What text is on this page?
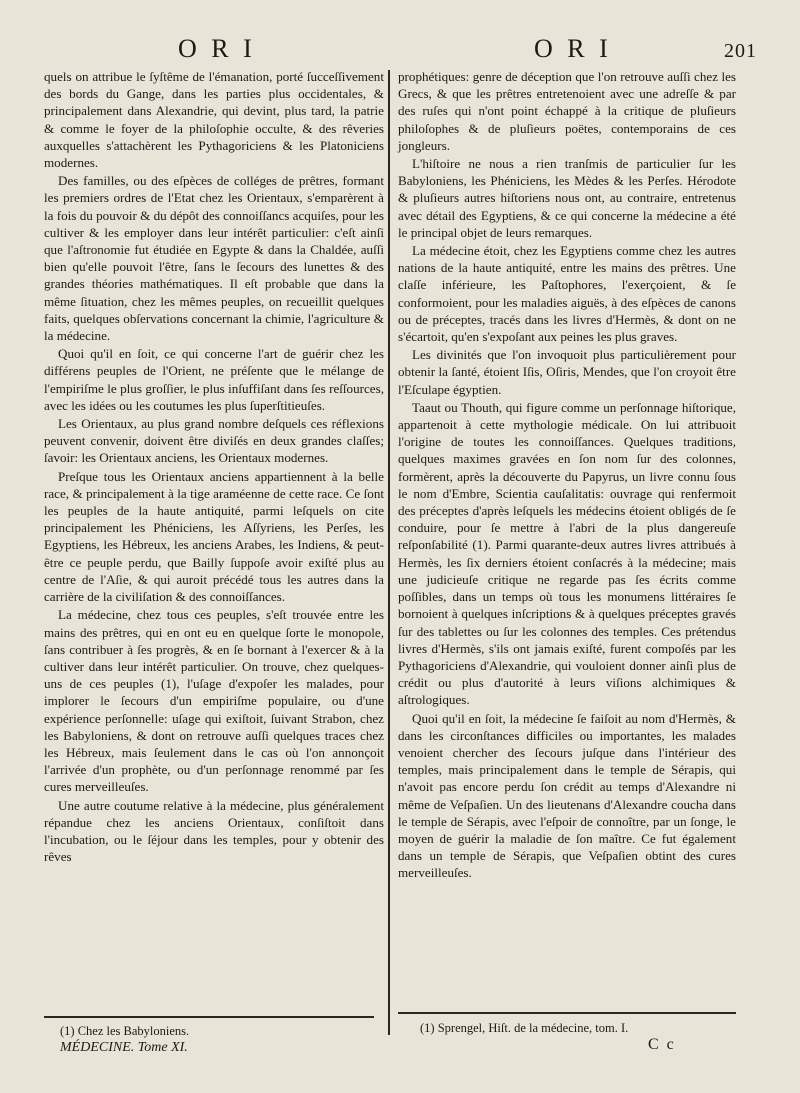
O R I	O R I	201

quels on attribue le ſyſtême de l'émanation, porté ſucceſſivement des bords du Gange, dans les parties plus occidentales, & principalement dans Alexandrie, qui devint, plus tard, la patrie & comme le foyer de la philoſophie occulte, & des rêveries auxquelles s'attachèrent les Pythagoriciens & les Platoniciens modernes.

Des familles, ou des eſpèces de colléges de prêtres, formant les premiers ordres de l'Etat chez les Orientaux, s'emparèrent à la fois du pouvoir & du dépôt des connoiſſancs acquiſes, pour les cultiver & les employer dans leur intérêt particulier: c'eſt ainſi que l'aſtronomie fut étudiée en Egypte & dans la Chaldée, auſſi bien qu'elle pouvoit l'être, ſans le ſecours des lunettes & des grandes théories mathématiques. Il eſt probable que dans la même ſituation, chez les mêmes peuples, on recueillit quelques faits, quelques obſervations concernant la chimie, l'agriculture & la médecine.

Quoi qu'il en ſoit, ce qui concerne l'art de guérir chez les différens peuples de l'Orient, ne préſente que le mélange de l'empiriſme le plus groſſier, le plus inſuffiſant dans ſes reſſources, avec les idées ou les coutumes les plus ſuperſtitieuſes.

Les Orientaux, au plus grand nombre deſquels ces réflexions peuvent convenir, doivent être diviſés en deux grandes claſſes; ſavoir: les Orientaux anciens, les Orientaux modernes.

Preſque tous les Orientaux anciens appartiennent à la belle race, & principalement à la tige araméenne de cette race. Ce ſont les peuples de la haute antiquité, parmi leſquels on cite principalement les Phéniciens, les Aſſyriens, les Perſes, les Egyptiens, les Hébreux, les anciens Arabes, les Indiens, & peut-être ce peuple perdu, que Bailly ſuppoſe avoir exiſté plus au centre de l'Aſie, & qui auroit précédé tous les autres dans la carrière de la civiliſation & des connoiſſances.

La médecine, chez tous ces peuples, s'eſt trouvée entre les mains des prêtres, qui en ont eu en quelque ſorte le monopole, ſans contribuer à ſes progrès, & en ſe bornant à l'exercer & à la cultiver dans leur intérêt particulier. On trouve, chez quelques-uns de ces peuples (1), l'uſage d'expoſer les malades, pour implorer le ſecours d'un empiriſme populaire, ou d'une expérience perſonnelle: uſage qui exiſtoit, ſuivant Strabon, chez les Babyloniens, & dont on retrouve auſſi quelques traces chez les Hébreux, mais ſeulement dans le cas où l'on annonçoit l'arrivée d'un prophète, ou d'un perſonnage renommé par ſes cures merveilleuſes.

Une autre coutume relative à la médecine, plus généralement répandue chez les anciens Orientaux, conſiſtoit dans l'incubation, ou le ſéjour dans les temples, pour y obtenir des rêves

prophétiques: genre de déception que l'on retrouve auſſi chez les Grecs, & que les prêtres entretenoient avec une adreſſe & par des ruſes qui n'ont point échappé à la critique de pluſieurs philoſophes & de pluſieurs poëtes, contemporains de ces jongleurs.

L'hiſtoire ne nous a rien tranſmis de particulier ſur les Babyloniens, les Phéniciens, les Mèdes & les Perſes. Hérodote & pluſieurs autres hiſtoriens nous ont, au contraire, entretenus avec détail des Egyptiens, & ce qui concerne la médecine a été le principal objet de leurs remarques.

La médecine étoit, chez les Egyptiens comme chez les autres nations de la haute antiquité, entre les mains des prêtres. Une claſſe inférieure, les Paſtophores, l'exerçoient, & ſe conformoient, pour les maladies aiguës, à des eſpèces de canons ou de préceptes, tracés dans les livres d'Hermès, & dont on ne s'écartoit, qu'en s'expoſant aux peines les plus graves.

Les divinités que l'on invoquoit plus particulièrement pour obtenir la ſanté, étoient Iſis, Oſiris, Mendes, que l'on croyoit être l'Eſculape égyptien.

Taaut ou Thouth, qui figure comme un perſonnage hiſtorique, appartenoit à cette mythologie médicale. On lui attribuoit l'origine de toutes les connoiſſances. Quelques traditions, quelques maximes gravées en ſon nom ſur des colonnes, formèrent, après la découverte du Papyrus, un livre connu ſous le nom d'Embre, Scientia cauſalitatis: ouvrage qui renfermoit des préceptes d'après leſquels les médecins étoient obligés de ſe conduire, pour ſe mettre à l'abri de la plus dangereuſe reſponſabilité (1). Parmi quarante-deux autres livres attribués à Hermès, les ſix derniers étoient conſacrés à la médecine; mais une judicieuſe critique ne regarde pas ſes écrits comme poſſibles, dans un temps où tous les monumens littéraires ſe bornoient à quelques inſcriptions & à quelques préceptes gravés ſur des tablettes ou ſur les colonnes des temples. Ces prétendus livres d'Hermès, s'ils ont jamais exiſté, furent compoſés par les Pythagoriciens d'Alexandrie, qui vouloient donner ainſi plus de crédit ou plus d'autorité à leurs viſions alchimiques & aſtrologiques.

Quoi qu'il en ſoit, la médecine ſe faiſoit au nom d'Hermès, & dans les circonſtances difficiles ou importantes, les malades venoient chercher des ſecours juſque dans l'intérieur des temples, mais principalement dans le temple de Sérapis, qui n'avoit pas encore perdu ſon crédit au temps d'Alexandre ni même de Veſpaſien. Un des lieutenans d'Alexandre coucha dans le temple de Sérapis, avec l'eſpoir de connoître, par un ſonge, le moyen de guérir la maladie de ſon maître. Ce fut également dans un temple de Sérapis, que Veſpaſien obtint des cures merveilleuſes.

(1) Chez les Babyloniens.	(1) Sprengel, Hiſt. de la médecine, tom. I.
MÉDECINE. Tome XI.	C c
